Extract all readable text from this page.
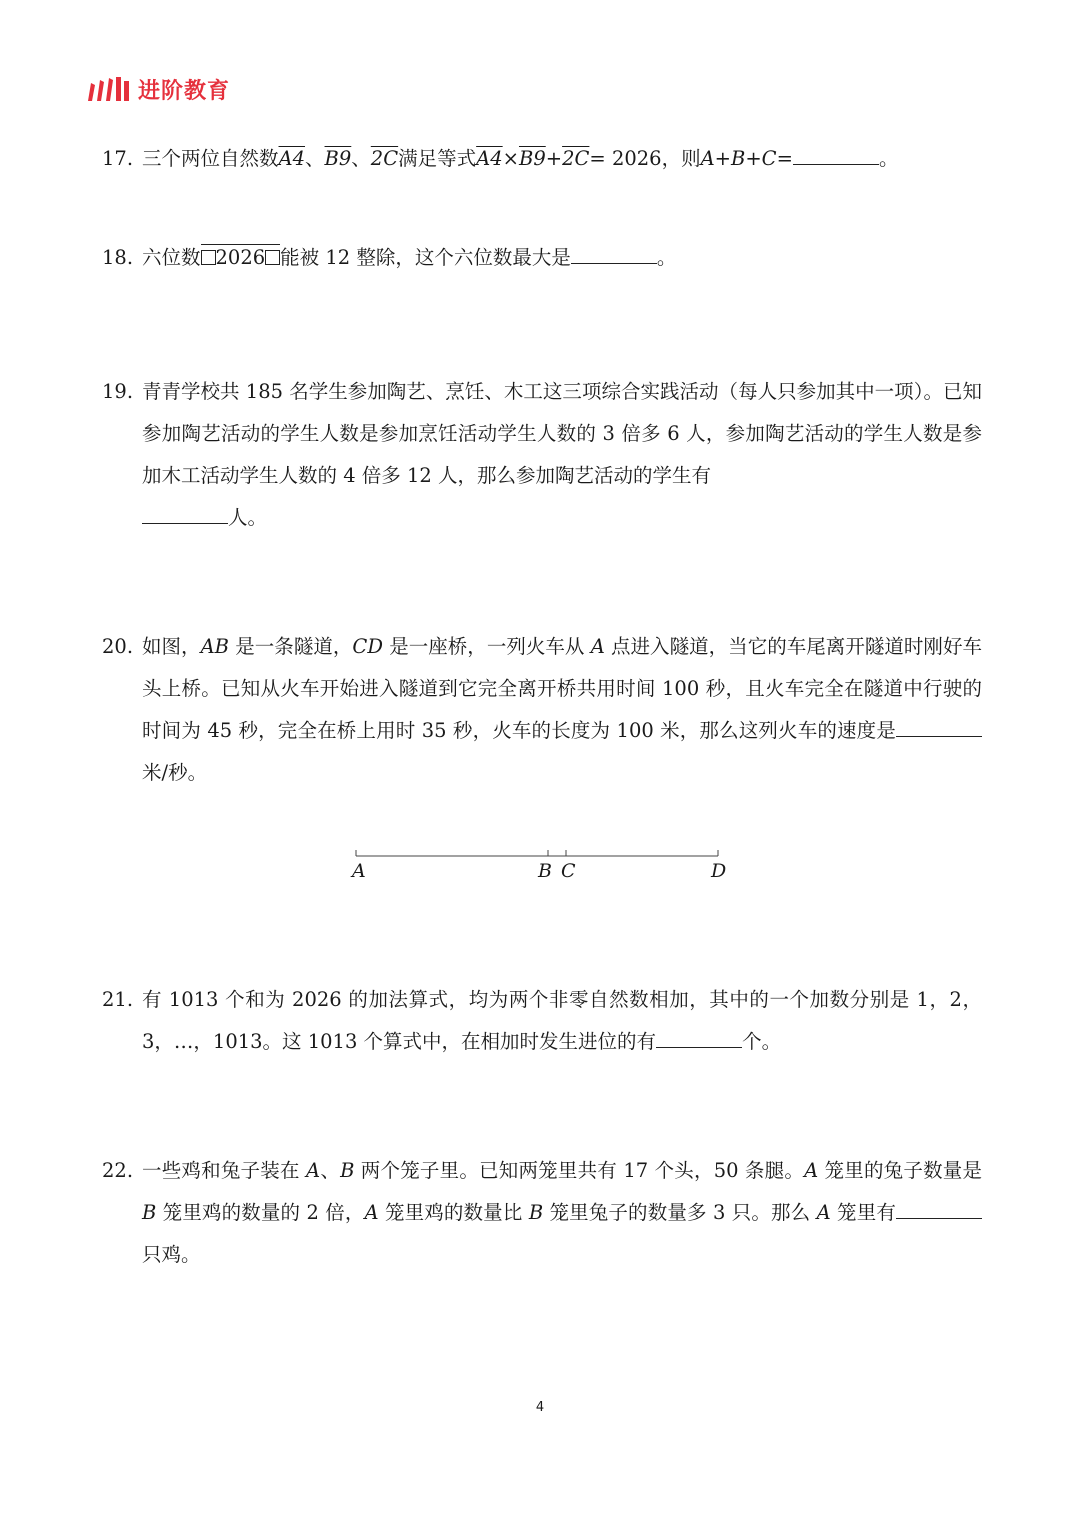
进阶教育
17. 三个两位自然数A4、B9、2C满足等式A4×B9+2C= 2026，则A+B+C=	。
18. 六位数 2026 能被 12 整除，这个六位数最大是	。
19. 青青学校共 185 名学生参加陶艺、烹饪、木工这三项综合实践活动（每人只参加其中一项）。已知参加陶艺活动的学生人数是参加烹饪活动学生人数的 3 倍多 6 人，参加陶艺活动的学生人数是参加木工活动学生人数的 4 倍多 12 人，那么参加陶艺活动的学生有
人。
20. 如图，AB 是一条隧道，CD 是一座桥，一列火车从 A 点进入隧道，当它的车尾离开隧道时刚好车头上桥。已知从火车开始进入隧道到它完全离开桥共用时间 100 秒，且火车完全在隧道中行驶的时间为 45 秒，完全在桥上用时 35 秒，火车的长度为 100 米，那么这列火车的速度是米/秒。
A	B C	D
21. 有 1013 个和为 2026 的加法算式，均为两个非零自然数相加，其中的一个加数分别是 1，2，3，…，1013。这 1013 个算式中，在相加时发生进位的有	个。
22. 一些鸡和兔子装在 A、B 两个笼子里。已知两笼里共有 17 个头，50 条腿。A 笼里的兔子数量是 B 笼里鸡的数量的 2 倍，A 笼里鸡的数量比 B 笼里兔子的数量多 3 只。那么 A 笼里有只鸡。
4
